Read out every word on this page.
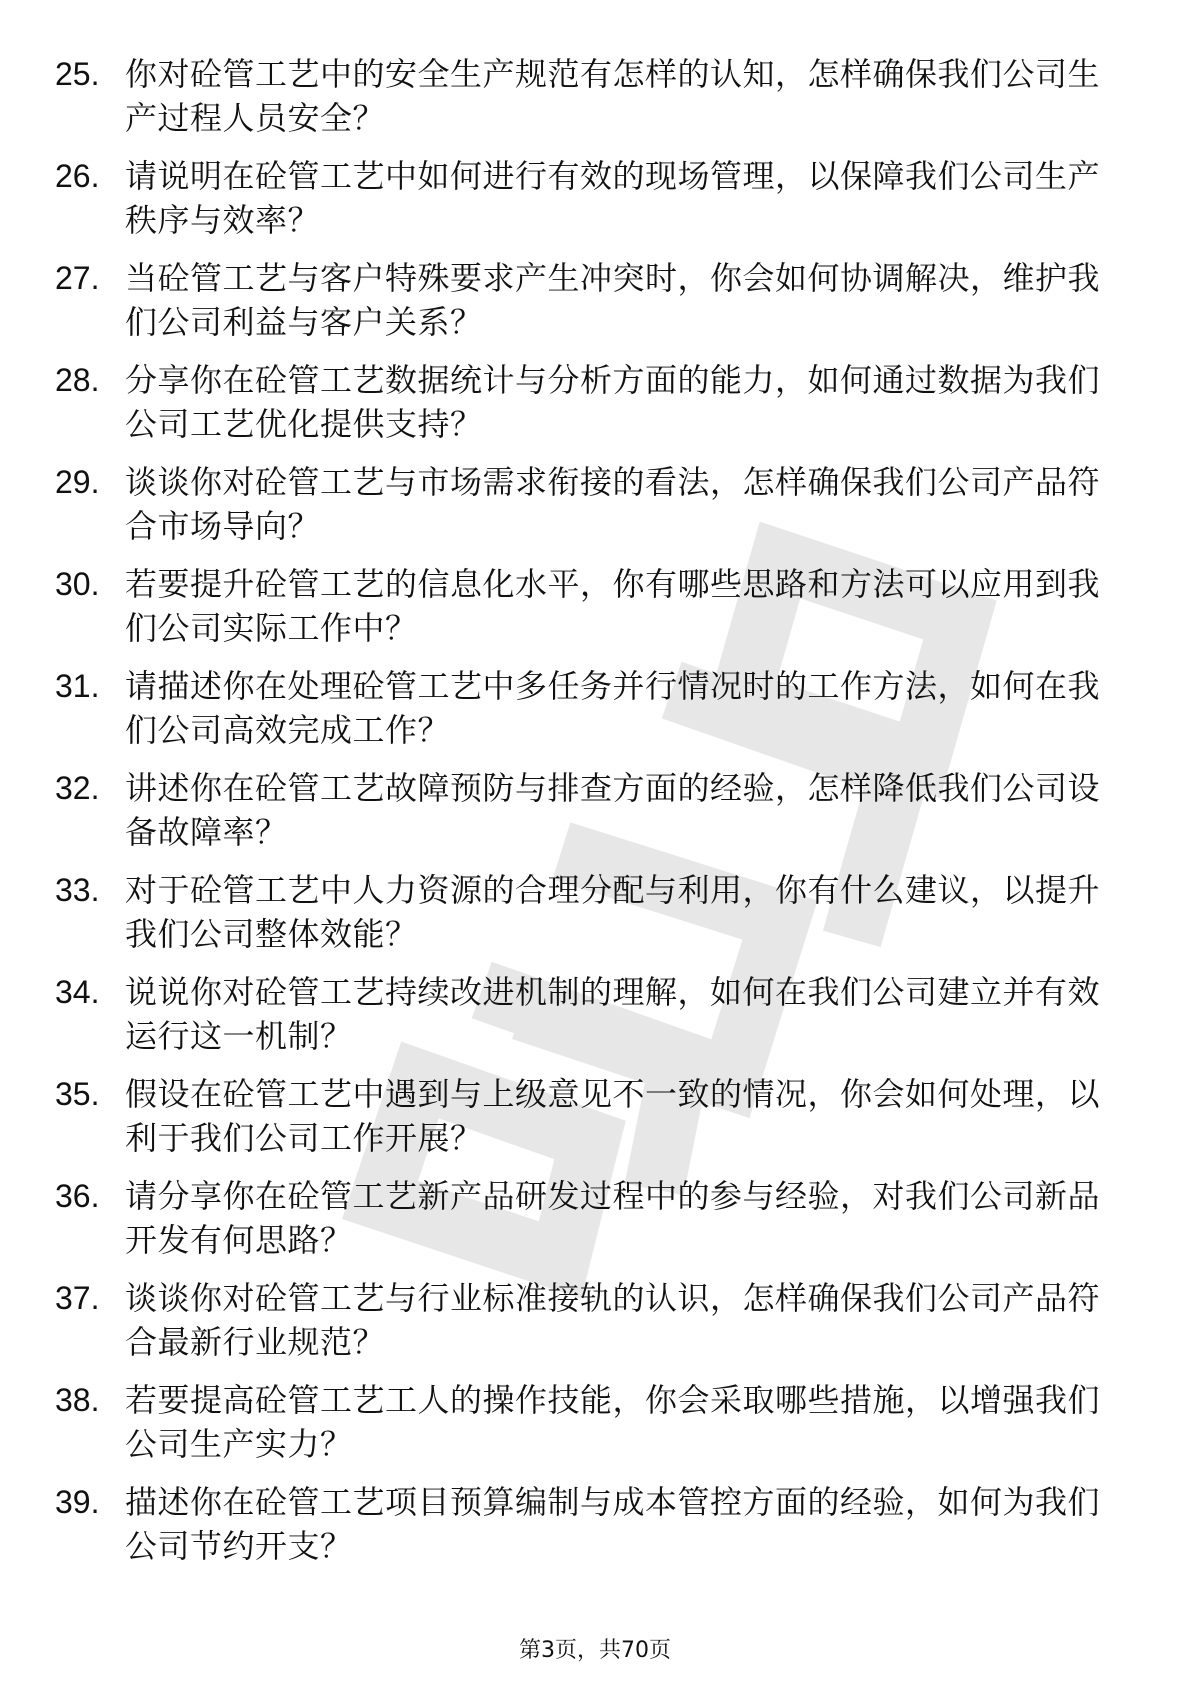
25. 你对砼管工艺中的安全生产规范有怎样的认知，怎样确保我们公司生产过程人员安全？
26. 请说明在砼管工艺中如何进行有效的现场管理，以保障我们公司生产秩序与效率？
27. 当砼管工艺与客户特殊要求产生冲突时，你会如何协调解决，维护我们公司利益与客户关系？
28. 分享你在砼管工艺数据统计与分析方面的能力，如何通过数据为我们公司工艺优化提供支持？
29. 谈谈你对砼管工艺与市场需求衔接的看法，怎样确保我们公司产品符合市场导向？
30. 若要提升砼管工艺的信息化水平，你有哪些思路和方法可以应用到我们公司实际工作中？
31. 请描述你在处理砼管工艺中多任务并行情况时的工作方法，如何在我们公司高效完成工作？
32. 讲述你在砼管工艺故障预防与排查方面的经验，怎样降低我们公司设备故障率？
33. 对于砼管工艺中人力资源的合理分配与利用，你有什么建议，以提升我们公司整体效能？
34. 说说你对砼管工艺持续改进机制的理解，如何在我们公司建立并有效运行这一机制？
35. 假设在砼管工艺中遇到与上级意见不一致的情况，你会如何处理，以利于我们公司工作开展？
36. 请分享你在砼管工艺新产品研发过程中的参与经验，对我们公司新品开发有何思路？
37. 谈谈你对砼管工艺与行业标准接轨的认识，怎样确保我们公司产品符合最新行业规范？
38. 若要提高砼管工艺工人的操作技能，你会采取哪些措施，以增强我们公司生产实力？
39. 描述你在砼管工艺项目预算编制与成本管控方面的经验，如何为我们公司节约开支？
第3页，共70页
